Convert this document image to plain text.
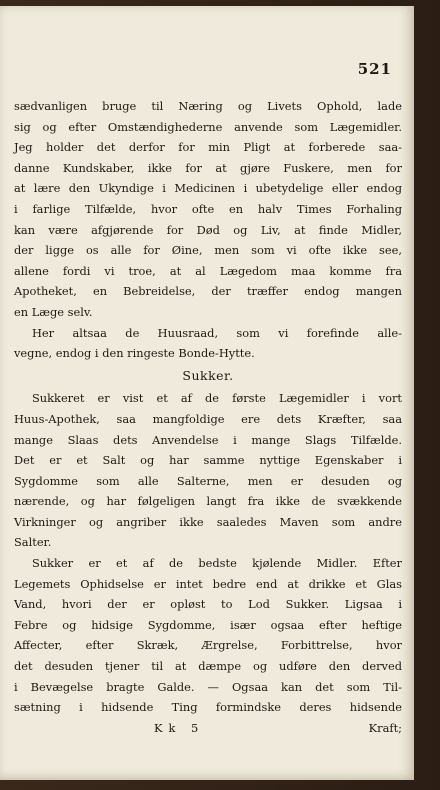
521
sædvanligen bruge til Næring og Livets Ophold, lade
sig og efter Omstændighederne anvende som Lægemidler.
Jeg holder det derfor for min Pligt at forberede saa-
danne Kundskaber, ikke for at gjøre Fuskere, men for
at lære den Ukyndige i Medicinen i ubetydelige eller endog
i farlige Tilfælde, hvor ofte en halv Times Forhaling
kan være afgjørende for Død og Liv, at finde Midler,
der ligge os alle for Øine, men som vi ofte ikke see,
allene fordi vi troe, at al Lægedom maa komme fra
Apotheket, en Bebreidelse, der træffer endog mangen
en Læge selv.
Her altsaa de Huusraad, som vi forefinde alle-
vegne, endog i den ringeste Bonde-Hytte.
Sukker.
Sukkeret er vist et af de første Lægemidler i vort
Huus-Apothek, saa mangfoldige ere dets Kræfter, saa
mange Slaas dets Anvendelse i mange Slags Tilfælde.
Det er et Salt og har samme nyttige Egenskaber i
Sygdomme som alle Salterne, men er desuden og
nærende, og har følgeligen langt fra ikke de svækkende
Virkninger og angriber ikke saaledes Maven som andre
Salter.
Sukker er et af de bedste kjølende Midler. Efter
Legemets Ophidselse er intet bedre end at drikke et Glas
Vand, hvori der er opløst to Lod Sukker. Ligsaa i
Febre og hidsige Sygdomme, især ogsaa efter heftige
Affecter, efter Skræk, Ærgrelse, Forbittrelse, hvor
det desuden tjener til at dæmpe og udføre den derved
i Bevægelse bragte Galde. — Ogsaa kan det som Til-
sætning i hidsende Ting formindske deres hidsende
Kk 5	Kraft;
